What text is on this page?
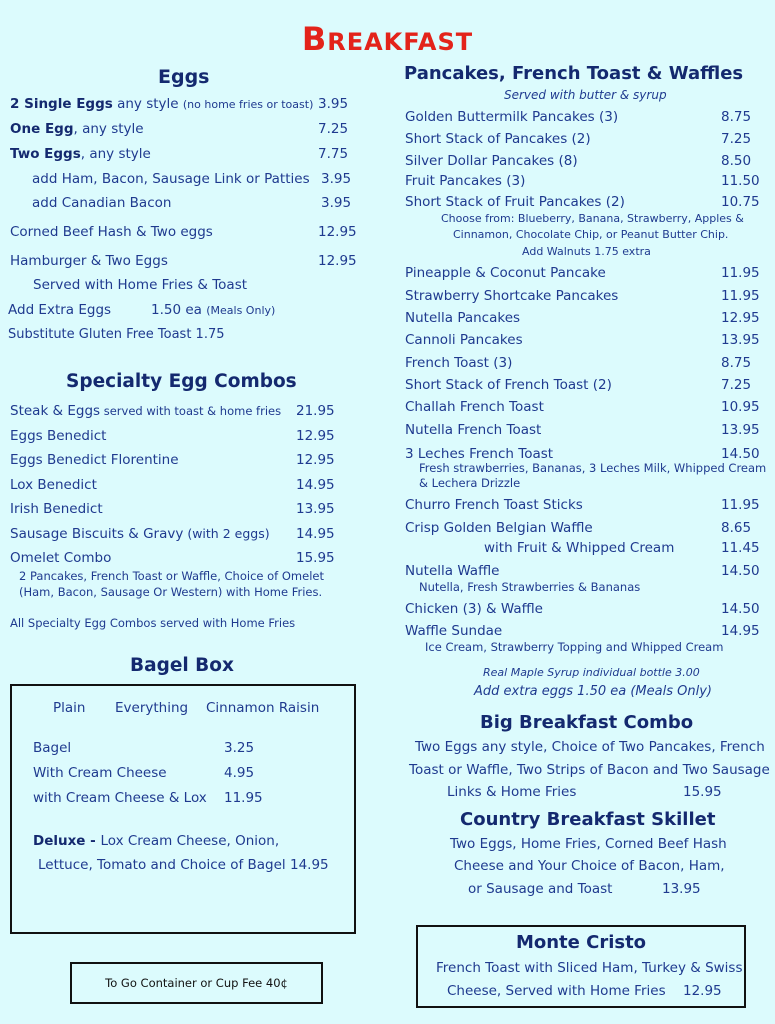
BREAKFAST
Eggs
2 Single Eggs any style (no home fries or toast) 3.95
One Egg, any style	7.25
Two Eggs, any style	7.75
add Ham, Bacon, Sausage Link or Patties 3.95
add Canadian Bacon	3.95
Corned Beef Hash & Two eggs	12.95
Hamburger & Two Eggs	12.95
Served with Home Fries & Toast
Add Extra Eggs	1.50 ea (Meals Only)
Substitute Gluten Free Toast 1.75
Specialty Egg Combos
Steak & Eggs served with toast & home fries 21.95
Eggs Benedict	12.95
Eggs Benedict Florentine	12.95
Lox Benedict	14.95
Irish Benedict	13.95
Sausage Biscuits & Gravy (with 2 eggs) 14.95
Omelet Combo	15.95
2 Pancakes, French Toast or Waffle, Choice of Omelet
(Ham, Bacon, Sausage Or Western) with Home Fries.
All Specialty Egg Combos served with Home Fries
Bagel Box
Plain Everything Cinnamon Raisin
Bagel	3.25
With Cream Cheese	4.95
with Cream Cheese & Lox 11.95
Deluxe - Lox Cream Cheese, Onion,
Lettuce, Tomato and Choice of Bagel 14.95
To Go Container or Cup Fee 40¢
Pancakes, French Toast & Waffles
Served with butter & syrup
Golden Buttermilk Pancakes (3)	8.75
Short Stack of Pancakes (2)	7.25
Silver Dollar Pancakes (8)	8.50
Fruit Pancakes (3)	11.50
Short Stack of Fruit Pancakes (2)	10.75
Choose from: Blueberry, Banana, Strawberry, Apples &
Cinnamon, Chocolate Chip, or Peanut Butter Chip.
Add Walnuts 1.75 extra
Pineapple & Coconut Pancake	11.95
Strawberry Shortcake Pancakes	11.95
Nutella Pancakes	12.95
Cannoli Pancakes	13.95
French Toast (3)	8.75
Short Stack of French Toast (2)	7.25
Challah French Toast	10.95
Nutella French Toast	13.95
3 Leches French Toast	14.50
Fresh strawberries, Bananas, 3 Leches Milk, Whipped Cream
& Lechera Drizzle
Churro French Toast Sticks	11.95
Crisp Golden Belgian Waffle	8.65
with Fruit & Whipped Cream	11.45
Nutella Waffle	14.50
Nutella, Fresh Strawberries & Bananas
Chicken (3) & Waffle	14.50
Waffle Sundae	14.95
Ice Cream, Strawberry Topping and Whipped Cream
Real Maple Syrup individual bottle 3.00
Add extra eggs 1.50 ea (Meals Only)
Big Breakfast Combo
Two Eggs any style, Choice of Two Pancakes, French
Toast or Waffle, Two Strips of Bacon and Two Sausage
Links & Home Fries	15.95
Country Breakfast Skillet
Two Eggs, Home Fries, Corned Beef Hash
Cheese and Your Choice of Bacon, Ham,
or Sausage and Toast	13.95
Monte Cristo
French Toast with Sliced Ham, Turkey & Swiss
Cheese, Served with Home Fries 12.95
